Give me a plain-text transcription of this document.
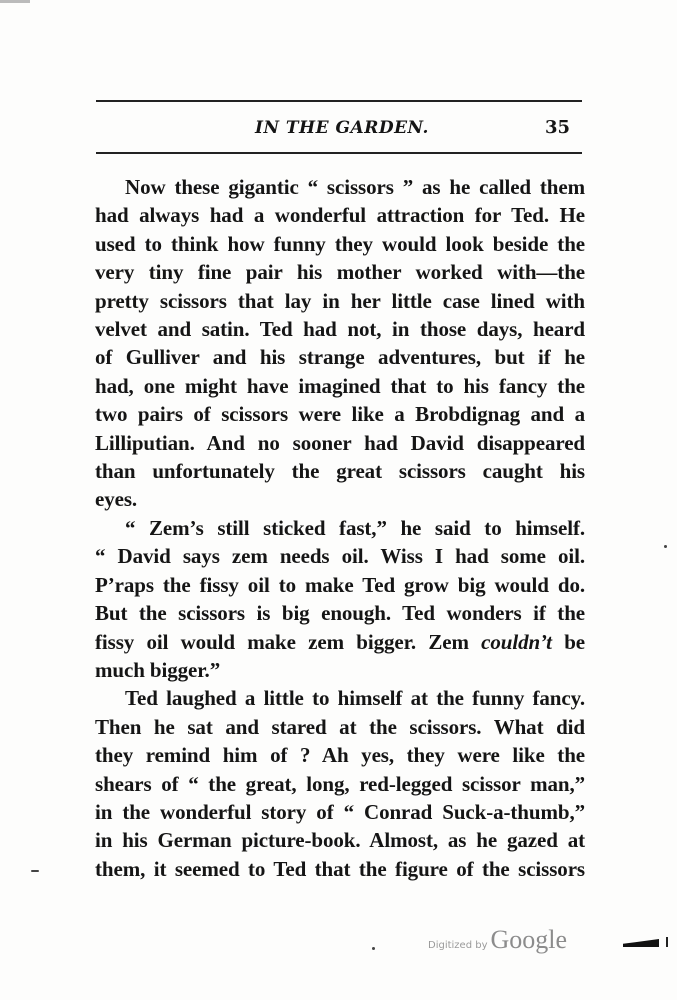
IN THE GARDEN.	35

Now these gigantic “ scissors ” as he called them
had always had a wonderful attraction for Ted. He
used to think how funny they would look beside the
very tiny fine pair his mother worked with—the
pretty scissors that lay in her little case lined with
velvet and satin. Ted had not, in those days, heard
of Gulliver and his strange adventures, but if he
had, one might have imagined that to his fancy the
two pairs of scissors were like a Brobdignag and a
Lilliputian. And no sooner had David disappeared
than unfortunately the great scissors caught his
eyes.

“ Zem’s still sticked fast,” he said to himself.
“ David says zem needs oil. Wiss I had some oil.
P’raps the fissy oil to make Ted grow big would do.
But the scissors is big enough. Ted wonders if the
fissy oil would make zem bigger. Zem couldn’t be
much bigger.”

Ted laughed a little to himself at the funny fancy.
Then he sat and stared at the scissors. What did
they remind him of ? Ah yes, they were like the
shears of “ the great, long, red-legged scissor man,”
in the wonderful story of “ Conrad Suck-a-thumb,”
in his German picture-book. Almost, as he gazed at
them, it seemed to Ted that the figure of the scissors

Digitized by Google
